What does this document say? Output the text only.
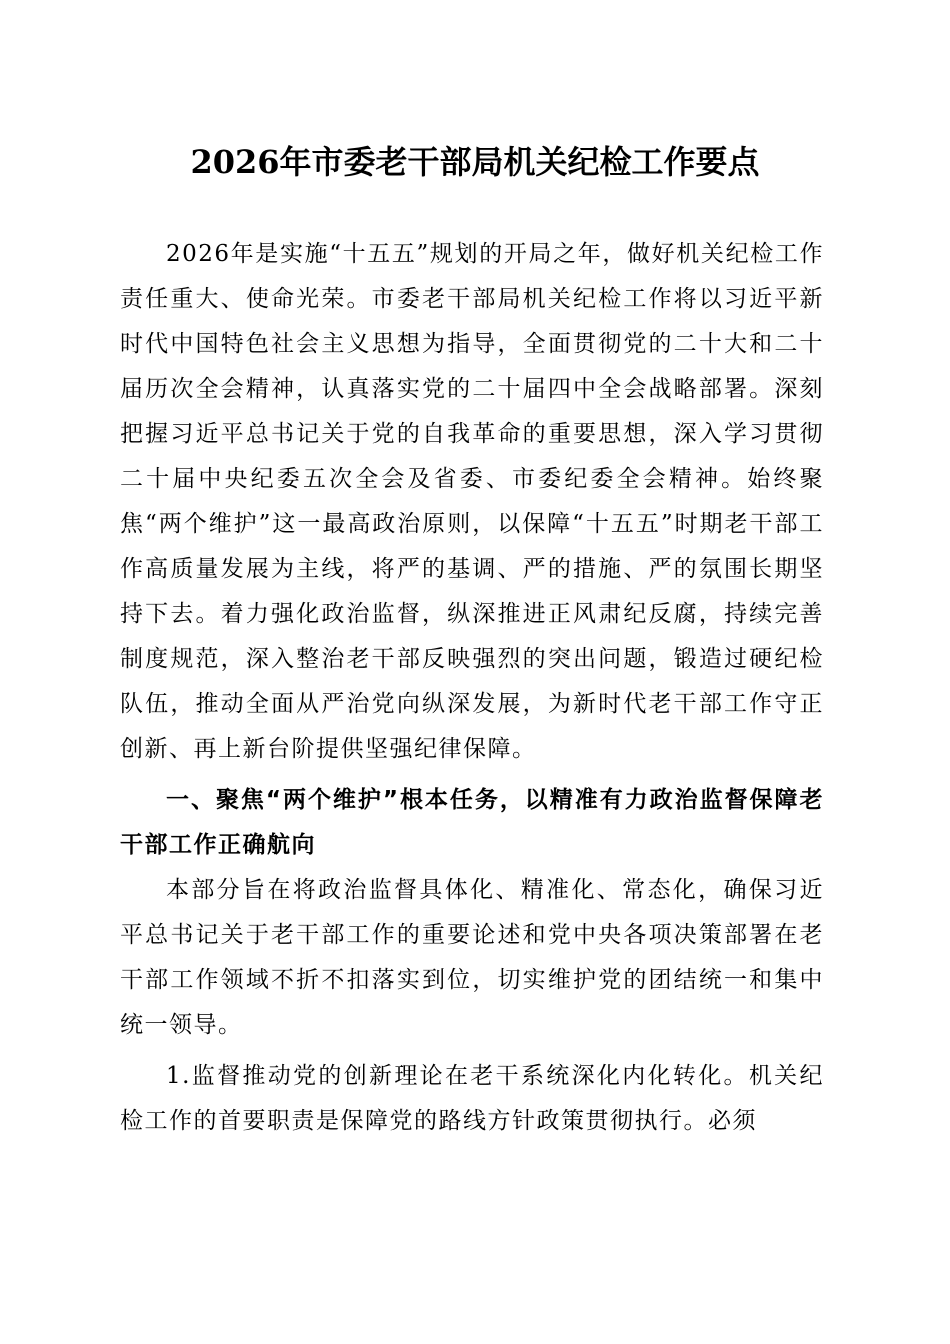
2026年市委老干部局机关纪检工作要点

2026年是实施“十五五”规划的开局之年，做好机关纪检工作责任重大、使命光荣。市委老干部局机关纪检工作将以习近平新时代中国特色社会主义思想为指导，全面贯彻党的二十大和二十届历次全会精神，认真落实党的二十届四中全会战略部署。深刻把握习近平总书记关于党的自我革命的重要思想，深入学习贯彻二十届中央纪委五次全会及省委、市委纪委全会精神。始终聚焦“两个维护”这一最高政治原则，以保障“十五五”时期老干部工作高质量发展为主线，将严的基调、严的措施、严的氛围长期坚持下去。着力强化政治监督，纵深推进正风肃纪反腐，持续完善制度规范，深入整治老干部反映强烈的突出问题，锻造过硬纪检队伍，推动全面从严治党向纵深发展，为新时代老干部工作守正创新、再上新台阶提供坚强纪律保障。

一、聚焦“两个维护”根本任务，以精准有力政治监督保障老干部工作正确航向

本部分旨在将政治监督具体化、精准化、常态化，确保习近平总书记关于老干部工作的重要论述和党中央各项决策部署在老干部工作领域不折不扣落实到位，切实维护党的团结统一和集中统一领导。

1.监督推动党的创新理论在老干系统深化内化转化。机关纪检工作的首要职责是保障党的路线方针政策贯彻执行。必须
